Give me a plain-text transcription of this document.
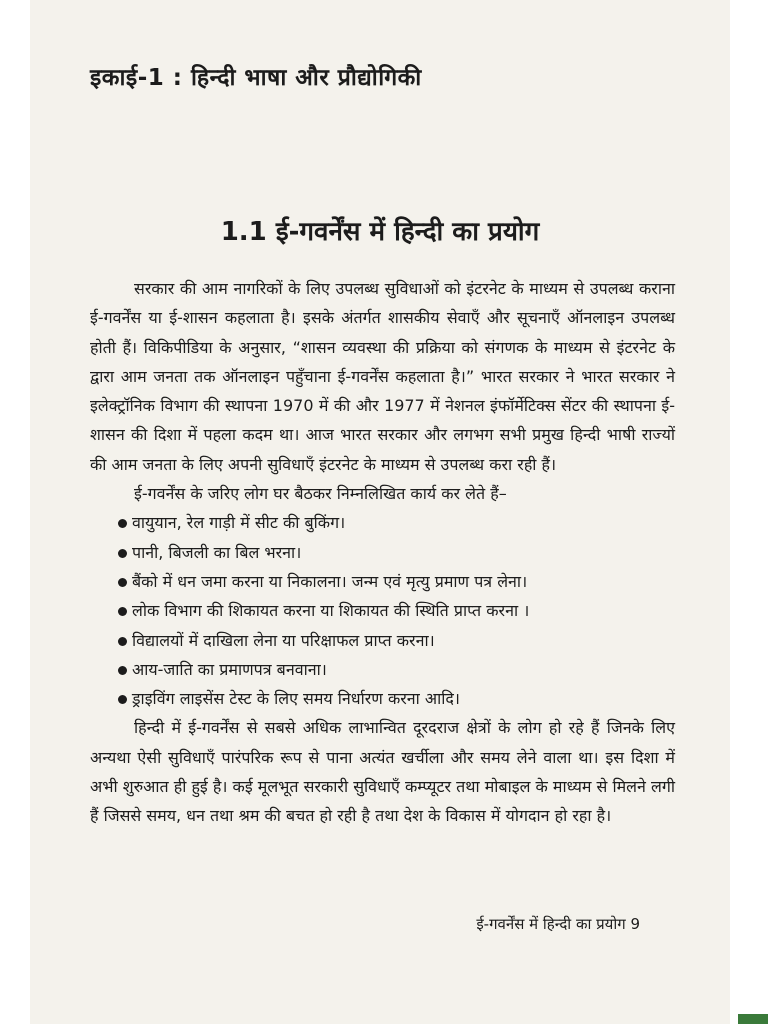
इकाई-1 : हिन्दी भाषा और प्रौद्योगिकी
1.1 ई-गवर्नेंस में हिन्दी का प्रयोग

सरकार की आम नागरिकों के लिए उपलब्ध सुविधाओं को इंटरनेट के माध्यम से उपलब्ध कराना ई-गवर्नेंस या ई-शासन कहलाता है। इसके अंतर्गत शासकीय सेवाएँ और सूचनाएँ ऑनलाइन उपलब्ध होती हैं। विकिपीडिया के अनुसार, “शासन व्यवस्था की प्रक्रिया को संगणक के माध्यम से इंटरनेट के द्वारा आम जनता तक ऑनलाइन पहुँचाना ई-गवर्नेंस कहलाता है।” भारत सरकार ने भारत सरकार ने इलेक्ट्रॉनिक विभाग की स्थापना 1970 में की और 1977 में नेशनल इंफॉर्मेटिक्स सेंटर की स्थापना ई-शासन की दिशा में पहला कदम था। आज भारत सरकार और लगभग सभी प्रमुख हिन्दी भाषी राज्यों की आम जनता के लिए अपनी सुविधाएँ इंटरनेट के माध्यम से उपलब्ध करा रही हैं।

ई-गवर्नेंस के जरिए लोग घर बैठकर निम्नलिखित कार्य कर लेते हैं–

वायुयान, रेल गाड़ी में सीट की बुकिंग।
पानी, बिजली का बिल भरना।
बैंको में धन जमा करना या निकालना। जन्म एवं मृत्यु प्रमाण पत्र लेना।
लोक विभाग की शिकायत करना या शिकायत की स्थिति प्राप्त करना ।
विद्यालयों में दाखिला लेना या परिक्षाफल प्राप्त करना।
आय-जाति का प्रमाणपत्र बनवाना।
ड्राइविंग लाइसेंस टेस्ट के लिए समय निर्धारण करना आदि।

हिन्दी में ई-गवर्नेंस से सबसे अधिक लाभान्वित दूरदराज क्षेत्रों के लोग हो रहे हैं जिनके लिए अन्यथा ऐसी सुविधाएँ पारंपरिक रूप से पाना अत्यंत खर्चीला और समय लेने वाला था। इस दिशा में अभी शुरुआत ही हुई है। कई मूलभूत सरकारी सुविधाएँ कम्प्यूटर तथा मोबाइल के माध्यम से मिलने लगी हैं जिससे समय, धन तथा श्रम की बचत हो रही है तथा देश के विकास में योगदान हो रहा है।

ई-गवर्नेंस में हिन्दी का प्रयोग 9
